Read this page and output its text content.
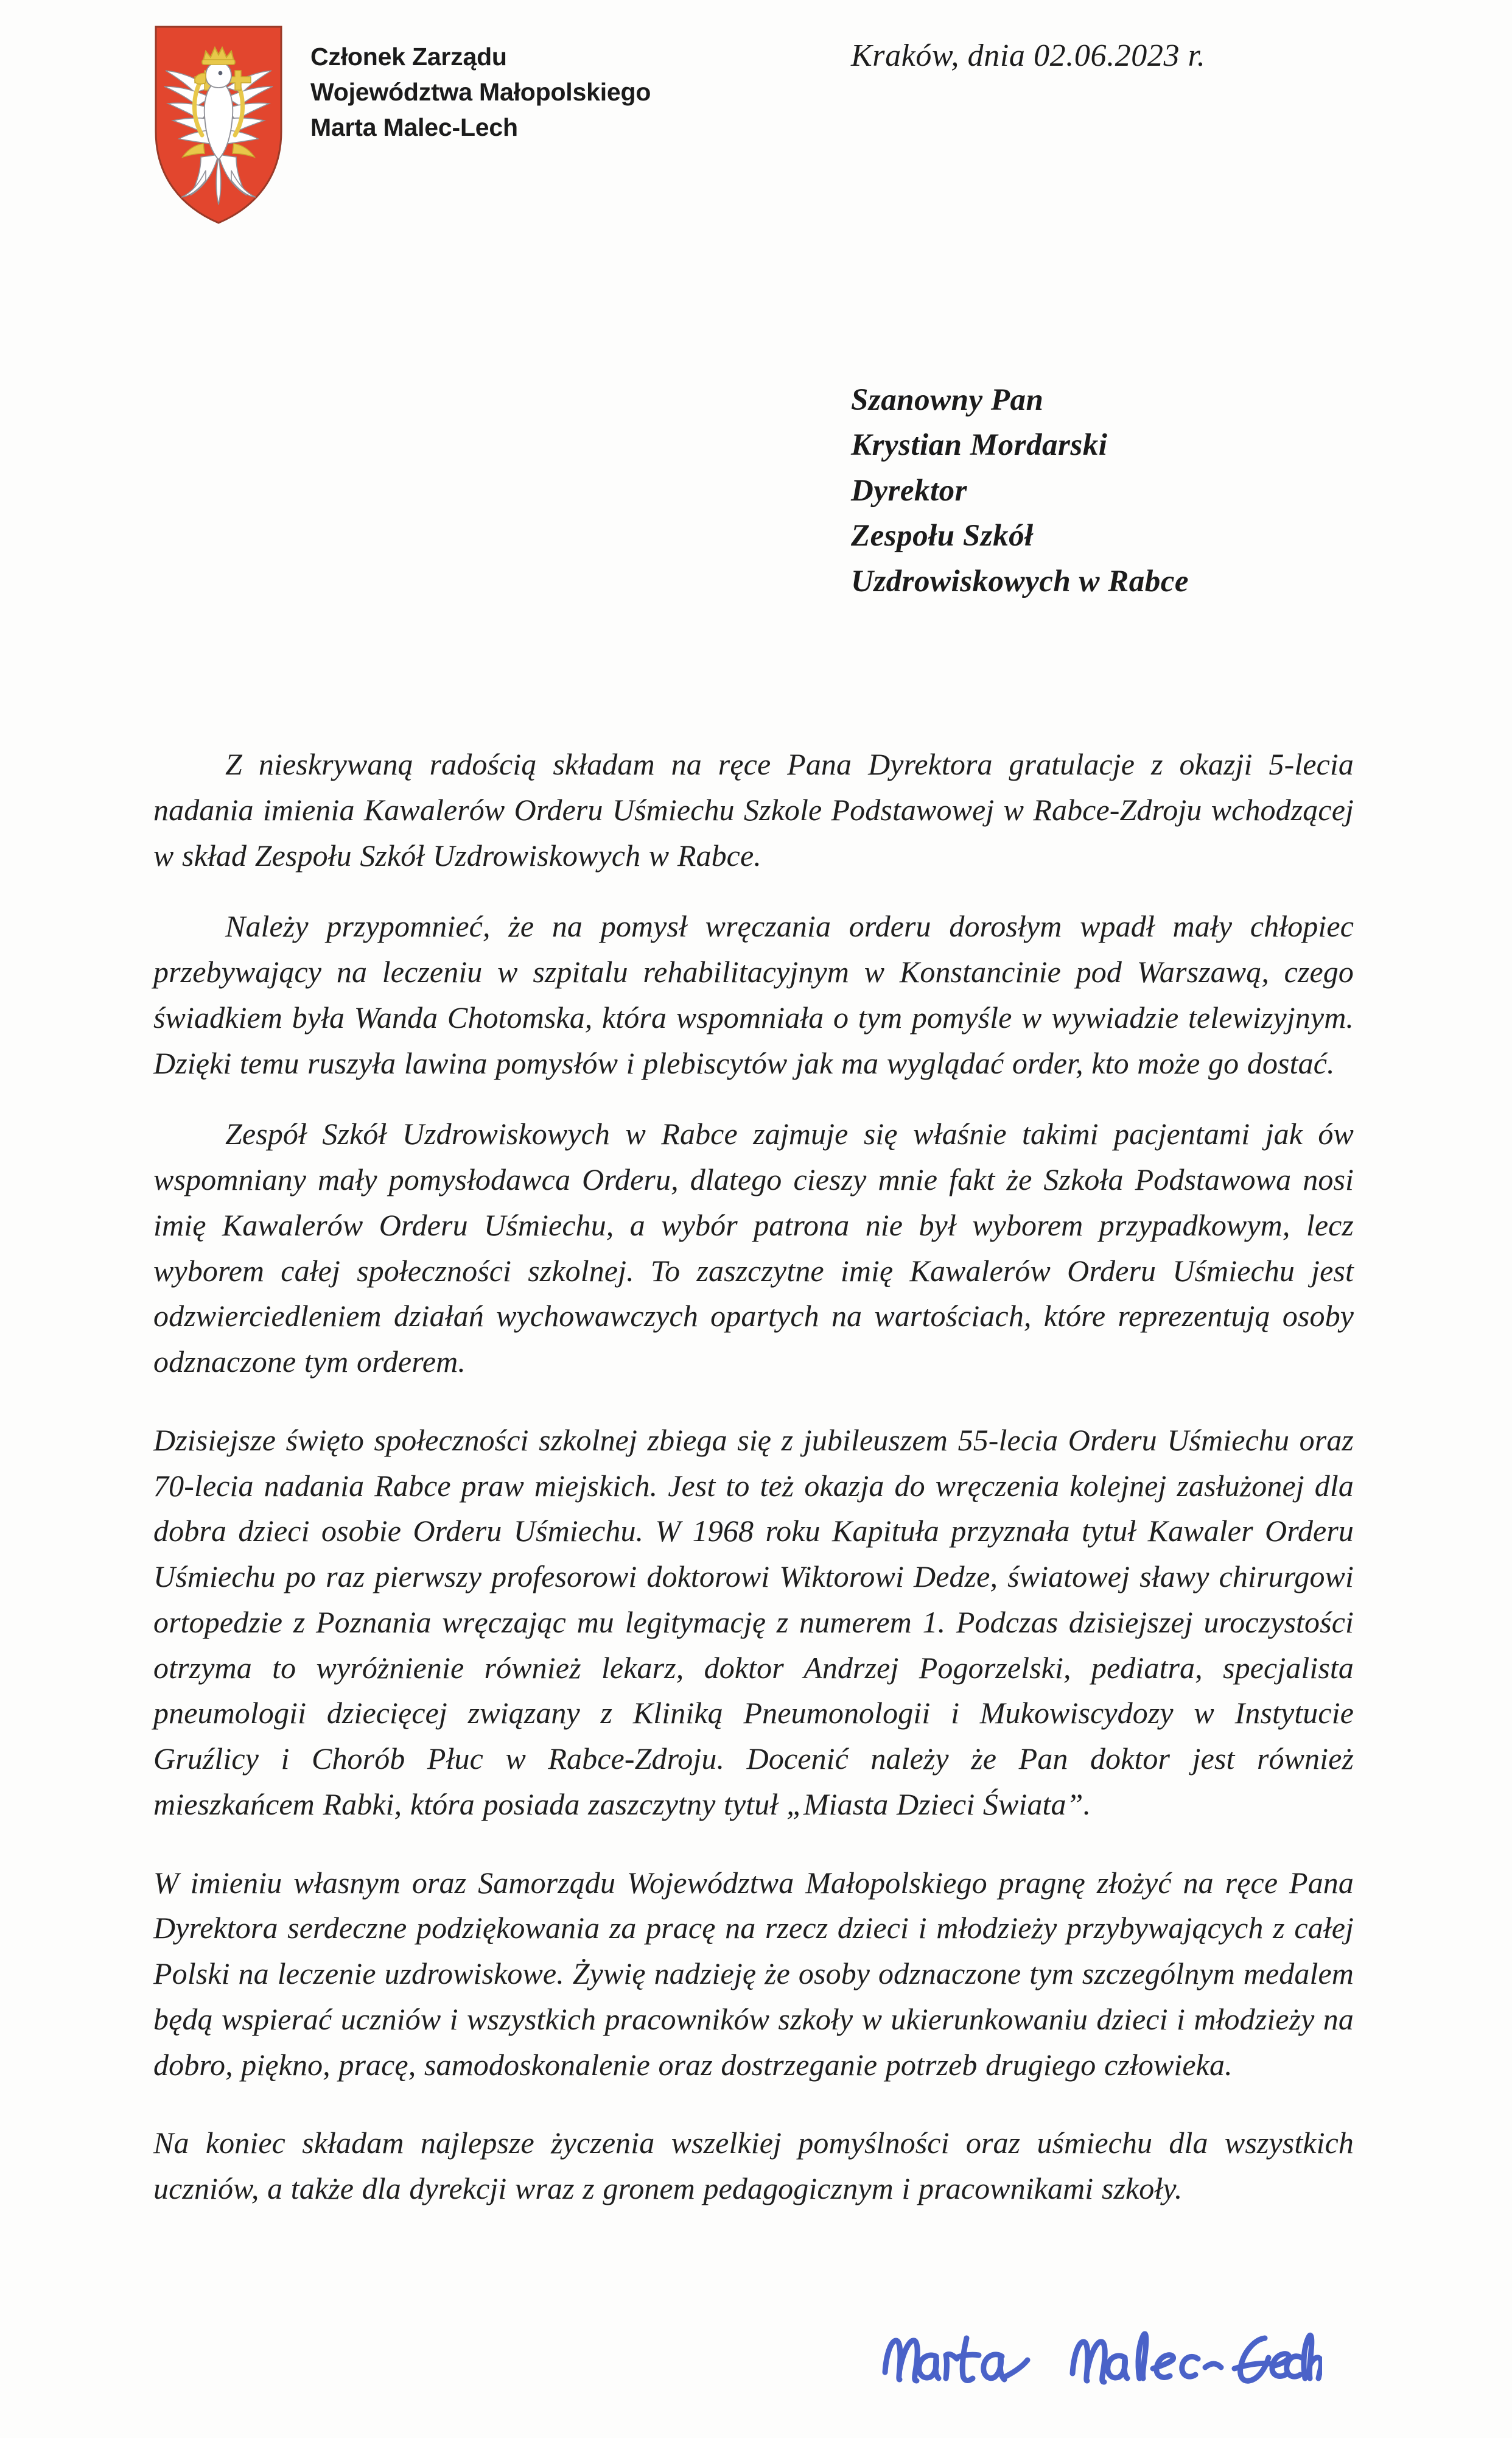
Członek Zarządu
Województwa Małopolskiego
Marta Malec-Lech
Kraków, dnia 02.06.2023 r.
Szanowny Pan
Krystian Mordarski
Dyrektor
Zespołu Szkół
Uzdrowiskowych w Rabce

Z nieskrywaną radością składam na ręce Pana Dyrektora gratulacje z okazji 5-lecia nadania imienia Kawalerów Orderu Uśmiechu Szkole Podstawowej w Rabce-Zdroju wchodzącej w skład Zespołu Szkół Uzdrowiskowych w Rabce.

Należy przypomnieć, że na pomysł wręczania orderu dorosłym wpadł mały chłopiec przebywający na leczeniu w szpitalu rehabilitacyjnym w Konstancinie pod Warszawą, czego świadkiem była Wanda Chotomska, która wspomniała o tym pomyśle w wywiadzie telewizyjnym. Dzięki temu ruszyła lawina pomysłów i plebiscytów jak ma wyglądać order, kto może go dostać.

Zespół Szkół Uzdrowiskowych w Rabce zajmuje się właśnie takimi pacjentami jak ów wspomniany mały pomysłodawca Orderu, dlatego cieszy mnie fakt że Szkoła Podstawowa nosi imię Kawalerów Orderu Uśmiechu, a wybór patrona nie był wyborem przypadkowym, lecz wyborem całej społeczności szkolnej. To zaszczytne imię Kawalerów Orderu Uśmiechu jest odzwierciedleniem działań wychowawczych opartych na wartościach, które reprezentują osoby odznaczone tym orderem.

Dzisiejsze święto społeczności szkolnej zbiega się z jubileuszem 55-lecia Orderu Uśmiechu oraz 70-lecia nadania Rabce praw miejskich. Jest to też okazja do wręczenia kolejnej zasłużonej dla dobra dzieci osobie Orderu Uśmiechu. W 1968 roku Kapituła przyznała tytuł Kawaler Orderu Uśmiechu po raz pierwszy profesorowi doktorowi Wiktorowi Dedze, światowej sławy chirurgowi ortopedzie z Poznania wręczając mu legitymację z numerem 1. Podczas dzisiejszej uroczystości otrzyma to wyróżnienie również lekarz, doktor Andrzej Pogorzelski, pediatra, specjalista pneumologii dziecięcej związany z Kliniką Pneumonologii i Mukowiscydozy w Instytucie Gruźlicy i Chorób Płuc w Rabce-Zdroju. Docenić należy że Pan doktor jest również mieszkańcem Rabki, która posiada zaszczytny tytuł „Miasta Dzieci Świata”.

W imieniu własnym oraz Samorządu Województwa Małopolskiego pragnę złożyć na ręce Pana Dyrektora serdeczne podziękowania za pracę na rzecz dzieci i młodzieży przybywających z całej Polski na leczenie uzdrowiskowe. Żywię nadzieję że osoby odznaczone tym szczególnym medalem będą wspierać uczniów i wszystkich pracowników szkoły w ukierunkowaniu dzieci i młodzieży na dobro, piękno, pracę, samodoskonalenie oraz dostrzeganie potrzeb drugiego człowieka.

Na koniec składam najlepsze życzenia wszelkiej pomyślności oraz uśmiechu dla wszystkich uczniów, a także dla dyrekcji wraz z gronem pedagogicznym i pracownikami szkoły.
